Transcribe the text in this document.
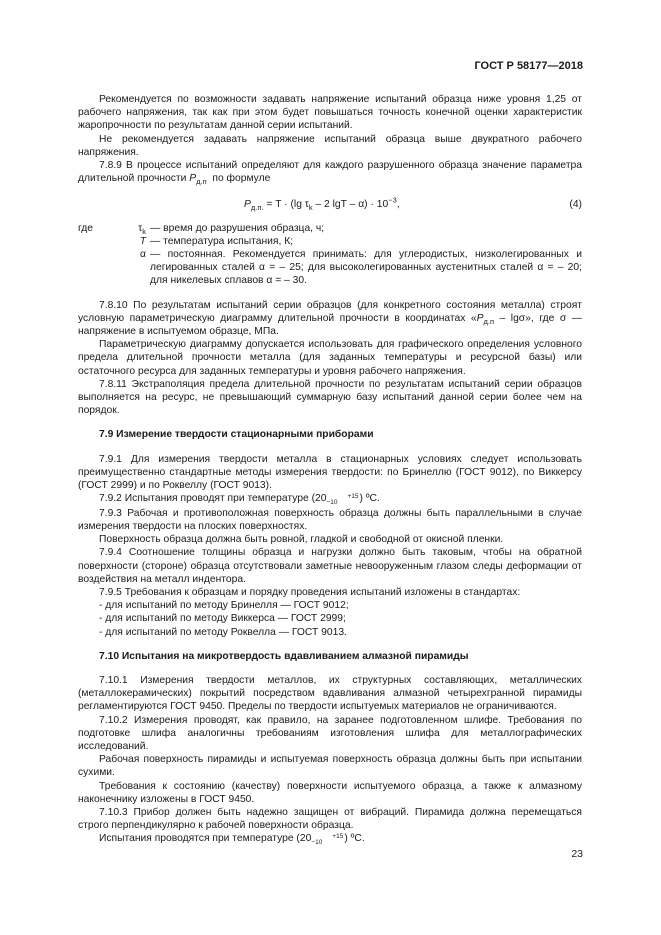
ГОСТ Р 58177—2018

Рекомендуется по возможности задавать напряжение испытаний образца ниже уровня 1,25 от рабочего напряжения, так как при этом будет повышаться точность конечной оценки характеристик жаропрочности по результатам данной серии испытаний.

Не рекомендуется задавать напряжение испытаний образца выше двукратного рабочего напряжения.

7.8.9 В процессе испытаний определяют для каждого разрушенного образца значение параметра длительной прочности $P_{д.п}$ по формуле

$P_{д.п.} = T \cdot (\lg$ $\tau_k - 2$ $\lg T - \alpha) \cdot 10^{-3}$,	(4)
где	$\tau_k$ — время до разрушения образца, ч;
T — температура испытания, К;
α — постоянная. Рекомендуется принимать: для углеродистых, низколегированных и легированных сталей α = – 25; для высоколегированных аустенитных сталей α = – 20; для никелевых сплавов α = – 30.

7.8.10 По результатам испытаний серии образцов (для конкретного состояния металла) строят условную параметрическую диаграмму длительной прочности в координатах «$P_{д.п}$ – lgσ», где σ — напряжение в испытуемом образце, МПа.

Параметрическую диаграмму допускается использовать для графического определения условного предела длительной прочности металла (для заданных температуры и ресурсной базы) или остаточного ресурса для заданных температуры и уровня рабочего напряжения.

7.8.11 Экстраполяция предела длительной прочности по результатам испытаний серии образцов выполняется на ресурс, не превышающий суммарную базу испытаний данной серии более чем на порядок.

7.9 Измерение твердости стационарными приборами

7.9.1 Для измерения твердости металла в стационарных условиях следует использовать преимущественно стандартные методы измерения твердости: по Бринеллю (ГОСТ 9012), по Виккерсу (ГОСТ 2999) и по Роквеллу (ГОСТ 9013).

7.9.2 Испытания проводят при температуре (20	+15
−10 ) ºС.

7.9.3 Рабочая и противоположная поверхность образца должны быть параллельными в случае измерения твердости на плоских поверхностях.

Поверхность образца должна быть ровной, гладкой и свободной от окисной пленки.

7.9.4 Соотношение толщины образца и нагрузки должно быть таковым, чтобы на обратной поверхности (стороне) образца отсутствовали заметные невооруженным глазом следы деформации от воздействия на металл индентора.

7.9.5 Требования к образцам и порядку проведения испытаний изложены в стандартах:

- для испытаний по методу Бринелля — ГОСТ 9012;

- для испытаний по методу Виккерса — ГОСТ 2999;

- для испытаний по методу Роквелла — ГОСТ 9013.

7.10 Испытания на микротвердость вдавливанием алмазной пирамиды

7.10.1 Измерения твердости металлов, их структурных составляющих, металлических (металлокерамических) покрытий посредством вдавливания алмазной четырехгранной пирамиды регламентируются ГОСТ 9450. Пределы по твердости испытуемых материалов не ограничиваются.

7.10.2 Измерения проводят, как правило, на заранее подготовленном шлифе. Требования по подготовке шлифа аналогичны требованиям изготовления шлифа для металлографических исследований.

Рабочая поверхность пирамиды и испытуемая поверхность образца должны быть при испытании сухими.

Требования к состоянию (качеству) поверхности испытуемого образца, а также к алмазному наконечнику изложены в ГОСТ 9450.

7.10.3 Прибор должен быть надежно защищен от вибраций. Пирамида должна перемещаться строго перпендикулярно к рабочей поверхности образца.

Испытания проводятся при температуре (20	+15
−10 ) ºС.

23
